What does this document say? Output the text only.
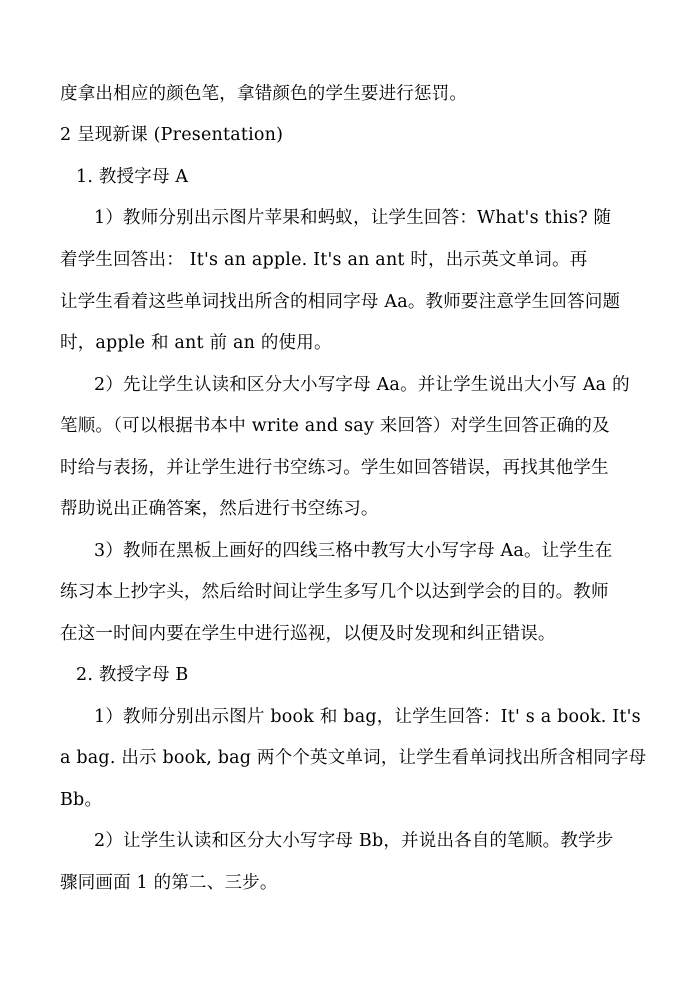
度拿出相应的颜色笔，拿错颜色的学生要进行惩罚。
2 呈现新课 (Presentation)
1. 教授字母 A
1）教师分别出示图片苹果和蚂蚁，让学生回答：What's this? 随
着学生回答出： It's an apple. It's an ant 时，出示英文单词。再
让学生看着这些单词找出所含的相同字母 Aa。教师要注意学生回答问题
时，apple 和 ant 前 an 的使用。
2）先让学生认读和区分大小写字母 Aa。并让学生说出大小写 Aa 的
笔顺。（可以根据书本中 write and say 来回答）对学生回答正确的及
时给与表扬，并让学生进行书空练习。学生如回答错误，再找其他学生
帮助说出正确答案，然后进行书空练习。
3）教师在黑板上画好的四线三格中教写大小写字母 Aa。让学生在
练习本上抄字头，然后给时间让学生多写几个以达到学会的目的。教师
在这一时间内要在学生中进行巡视，以便及时发现和纠正错误。
2. 教授字母 B
1）教师分别出示图片 book 和 bag，让学生回答：It' s a book. It's
a bag. 出示 book, bag 两个个英文单词，让学生看单词找出所含相同字母
Bb。
2）让学生认读和区分大小写字母 Bb，并说出各自的笔顺。教学步
骤同画面 1 的第二、三步。
